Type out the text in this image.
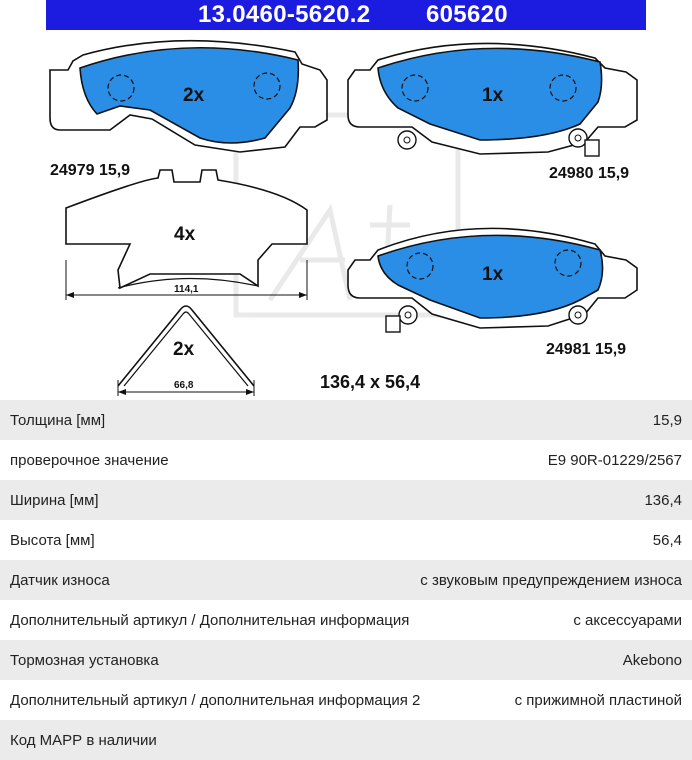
13.0460-5620.2 605620
2x
24979 15,9
1x
24980 15,9
4x
114,1
1x
24981 15,9
2x
66,8	136,4 x 56,4
Толщина [мм]	15,9
проверочное значение	E9 90R-01229/2567
Ширина [мм]	136,4
Высота [мм]	56,4
Датчик износа	с звуковым предупреждением износа
Дополнительный артикул / Дополнительная информация	с аксессуарами
Тормозная установка	Akebono
Дополнительный артикул / дополнительная информация 2	с прижимной пластиной
Код МАРР в наличии
